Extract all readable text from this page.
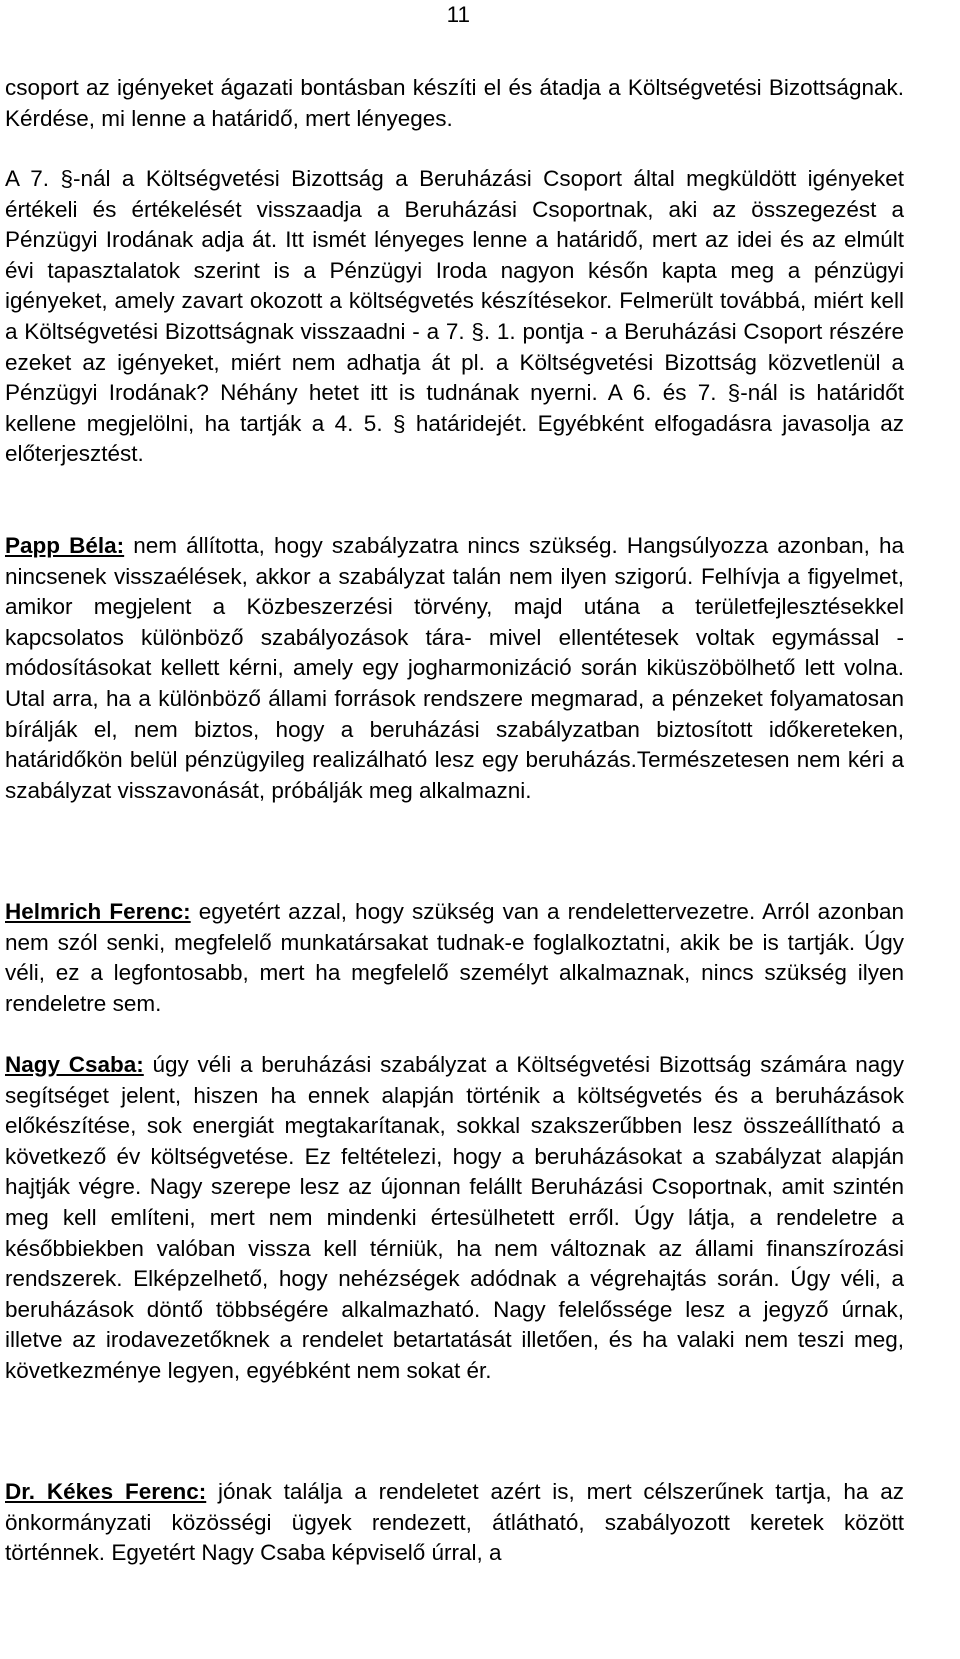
11

csoport az igényeket ágazati bontásban készíti el és átadja a Költségvetési Bizottságnak. Kérdése, mi lenne a határidő, mert lényeges.

A 7. §-nál a Költségvetési Bizottság a Beruházási Csoport által megküldött igényeket értékeli és értékelését visszaadja a Beruházási Csoportnak, aki az összegezést a Pénzügyi Irodának adja át. Itt ismét lényeges lenne a határidő, mert az idei és az elmúlt évi tapasztalatok szerint is a Pénzügyi Iroda nagyon későn kapta meg a pénzügyi igényeket, amely zavart okozott a költségvetés készítésekor. Felmerült továbbá, miért kell a Költségvetési Bizottságnak visszaadni - a 7. §. 1. pontja - a Beruházási Csoport részére ezeket az igényeket, miért nem adhatja át pl. a Költségvetési Bizottság közvetlenül a Pénzügyi Irodának? Néhány hetet itt is tudnának nyerni. A 6. és 7. §-nál is határidőt kellene megjelölni, ha tartják a 4. 5. § határidejét. Egyébként elfogadásra javasolja az előterjesztést.

Papp Béla: nem állította, hogy szabályzatra nincs szükség. Hangsúlyozza azonban, ha nincsenek visszaélések, akkor a szabályzat talán nem ilyen szigorú. Felhívja a figyelmet, amikor megjelent a Közbeszerzési törvény, majd utána a területfejlesztésekkel kapcsolatos különböző szabályozások tára- mivel ellentétesek voltak egymással - módosításokat kellett kérni, amely egy jogharmonizáció során kiküszöbölhető lett volna. Utal arra, ha a különböző állami források rendszere megmarad, a pénzeket folyamatosan bírálják el, nem biztos, hogy a beruházási szabályzatban biztosított időkereteken, határidőkön belül pénzügyileg realizálható lesz egy beruházás.Természetesen nem kéri a szabályzat visszavonását, próbálják meg alkalmazni.

Helmrich Ferenc: egyetért azzal, hogy szükség van a rendelettervezetre. Arról azonban nem szól senki, megfelelő munkatársakat tudnak-e foglalkoztatni, akik be is tartják. Úgy véli, ez a legfontosabb, mert ha megfelelő személyt alkalmaznak, nincs szükség ilyen rendeletre sem.

Nagy Csaba: úgy véli a beruházási szabályzat a Költségvetési Bizottság számára nagy segítséget jelent, hiszen ha ennek alapján történik a költségvetés és a beruházások előkészítése, sok energiát megtakarítanak, sokkal szakszerűbben lesz összeállítható a következő év költségvetése. Ez feltételezi, hogy a beruházásokat a szabályzat alapján hajtják végre. Nagy szerepe lesz az újonnan felállt Beruházási Csoportnak, amit szintén meg kell említeni, mert nem mindenki értesülhetett erről. Úgy látja, a rendeletre a későbbiekben valóban vissza kell térniük, ha nem változnak az állami finanszírozási rendszerek. Elképzelhető, hogy nehézségek adódnak a végrehajtás során. Úgy véli, a beruházások döntő többségére alkalmazható. Nagy felelőssége lesz a jegyző úrnak, illetve az irodavezetőknek a rendelet betartatását illetően, és ha valaki nem teszi meg, következménye legyen, egyébként nem sokat ér.

Dr. Kékes Ferenc: jónak találja a rendeletet azért is, mert célszerűnek tartja, ha az önkormányzati közösségi ügyek rendezett, átlátható, szabályozott keretek között történnek. Egyetért Nagy Csaba képviselő úrral, a
